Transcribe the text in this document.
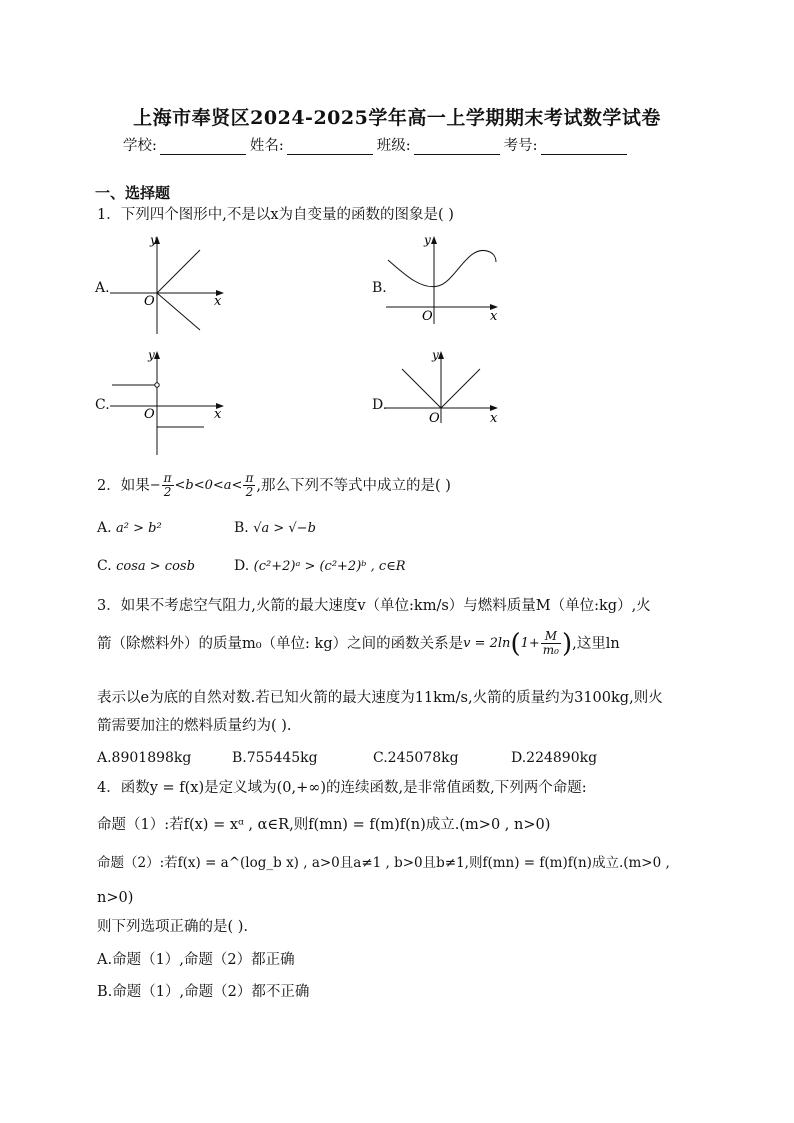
上海市奉贤区2024-2025学年高一上学期期末考试数学试卷
学校:	姓名:	班级:	考号:
一、选择题
1．下列四个图形中,不是以x为自变量的函数的图象是( )
A.
y
O	x
B.
y
O	x
C.
y
O	x
D.
y
O	x
2．如果 − $\frac{\pi}{2} <b<0<a< \frac{\pi}{2}$ ,那么下列不等式中成立的是( )
A. a² > b²	B. √a > √−b
C. cosa > cosb	D. (c²+2)ᵃ > (c²+2)ᵇ , c∈R
3．如果不考虑空气阻力,火箭的最大速度v（单位:km/s）与燃料质量M（单位:kg）,火
箭（除燃料外）的质量m₀（单位: kg）之间的函数关系是 v = 2ln ( $1+ \frac{M}{\text{m₀}}$ ) ,这里ln
表示以e为底的自然对数.若已知火箭的最大速度为11km/s,火箭的质量约为3100kg,则火
箭需要加注的燃料质量约为( ).
A.8901898kg	B.755445kg	C.245078kg	D.224890kg
4．函数y = f(x)是定义域为(0,+∞)的连续函数,是非常值函数,下列两个命题:
命题（1）:若f(x) = xᵅ , α∈R,则f(mn) = f(m)f(n)成立.(m>0 , n>0)
命题（2）:若f(x) = a^(log_b x) , a>0且a≠1 , b>0且b≠1,则f(mn) = f(m)f(n)成立.(m>0 ,
n>0)
则下列选项正确的是( ).
A.命题（1）,命题（2）都正确
B.命题（1）,命题（2）都不正确
